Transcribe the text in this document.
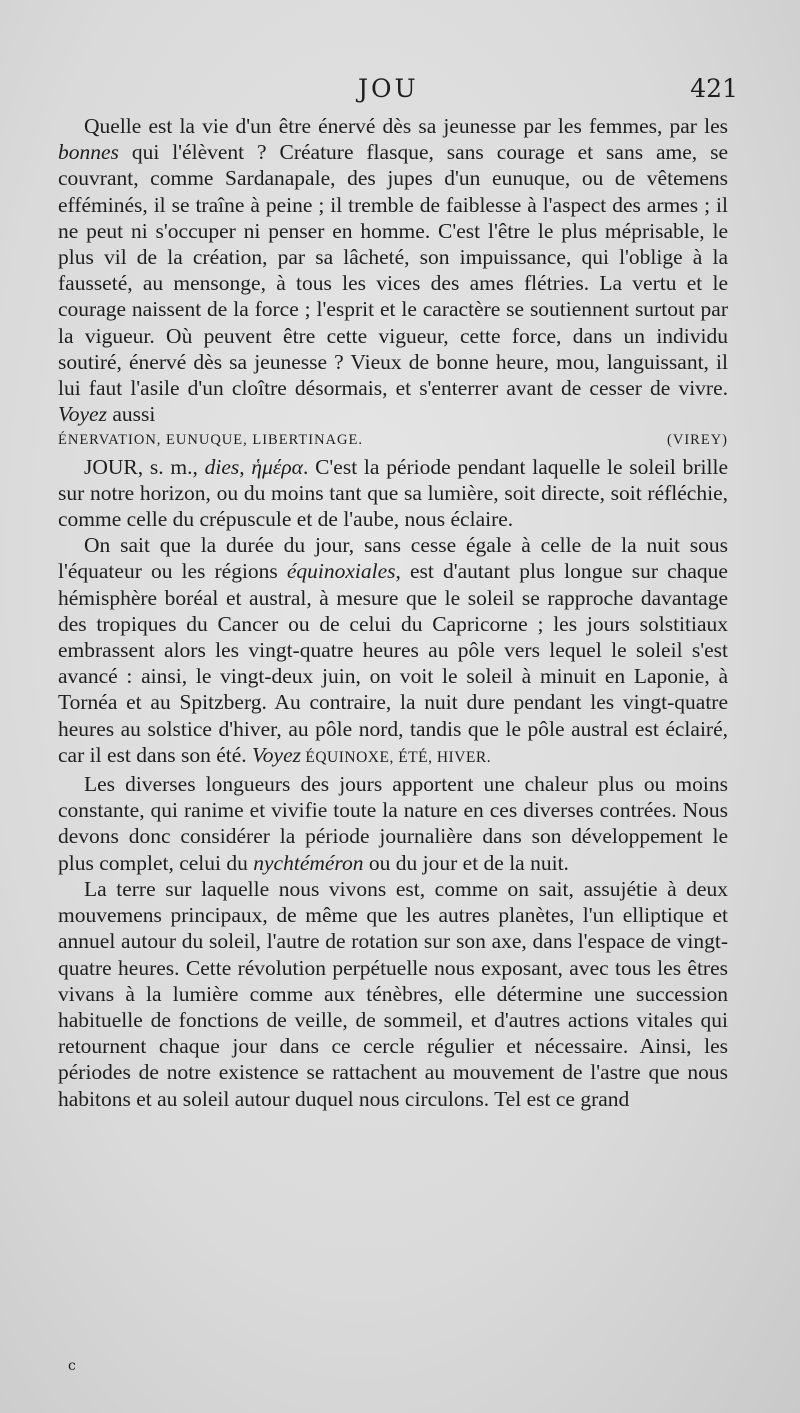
JOU	421

Quelle est la vie d'un être énervé dès sa jeunesse par les femmes, par les bonnes qui l'élèvent ? Créature flasque, sans courage et sans ame, se couvrant, comme Sardanapale, des jupes d'un eunuque, ou de vêtemens efféminés, il se traîne à peine ; il tremble de faiblesse à l'aspect des armes ; il ne peut ni s'occuper ni penser en homme. C'est l'être le plus méprisable, le plus vil de la création, par sa lâcheté, son impuissance, qui l'oblige à la fausseté, au mensonge, à tous les vices des ames flétries. La vertu et le courage naissent de la force ; l'esprit et le caractère se soutiennent surtout par la vigueur. Où peuvent être cette vigueur, cette force, dans un individu soutiré, énervé dès sa jeunesse ? Vieux de bonne heure, mou, languissant, il lui faut l'asile d'un cloître désormais, et s'enterrer avant de cesser de vivre. Voyez aussi

ÉNERVATION, EUNUQUE, LIBERTINAGE.	(VIREY)

JOUR, s. m., dies, ἡμέρα. C'est la période pendant laquelle le soleil brille sur notre horizon, ou du moins tant que sa lumière, soit directe, soit réfléchie, comme celle du crépuscule et de l'aube, nous éclaire.

On sait que la durée du jour, sans cesse égale à celle de la nuit sous l'équateur ou les régions équinoxiales, est d'autant plus longue sur chaque hémisphère boréal et austral, à mesure que le soleil se rapproche davantage des tropiques du Cancer ou de celui du Capricorne ; les jours solstitiaux embrassent alors les vingt-quatre heures au pôle vers lequel le soleil s'est avancé : ainsi, le vingt-deux juin, on voit le soleil à minuit en Laponie, à Tornéa et au Spitzberg. Au contraire, la nuit dure pendant les vingt-quatre heures au solstice d'hiver, au pôle nord, tandis que le pôle austral est éclairé, car il est dans son été. Voyez ÉQUINOXE, ÉTÉ, HIVER.

Les diverses longueurs des jours apportent une chaleur plus ou moins constante, qui ranime et vivifie toute la nature en ces diverses contrées. Nous devons donc considérer la période journalière dans son développement le plus complet, celui du nychtéméron ou du jour et de la nuit.

La terre sur laquelle nous vivons est, comme on sait, assujétie à deux mouvemens principaux, de même que les autres planètes, l'un elliptique et annuel autour du soleil, l'autre de rotation sur son axe, dans l'espace de vingt-quatre heures. Cette révolution perpétuelle nous exposant, avec tous les êtres vivans à la lumière comme aux ténèbres, elle détermine une succession habituelle de fonctions de veille, de sommeil, et d'autres actions vitales qui retournent chaque jour dans ce cercle régulier et nécessaire. Ainsi, les périodes de notre existence se rattachent au mouvement de l'astre que nous habitons et au soleil autour duquel nous circulons. Tel est ce grand

c
